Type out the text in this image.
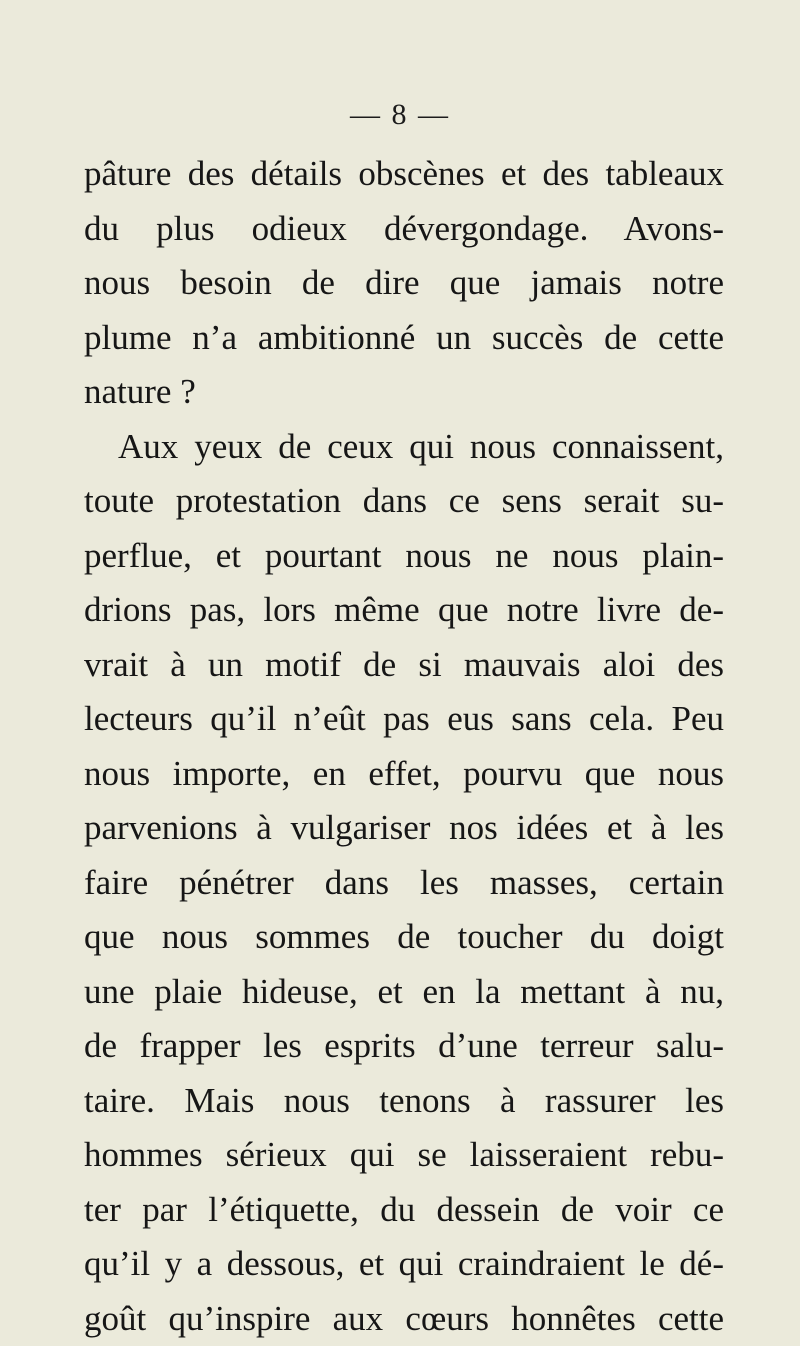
— 8 —
pâture des détails obscènes et des tableaux
du plus odieux dévergondage. Avons-
nous besoin de dire que jamais notre
plume n’a ambitionné un succès de cette
nature ?
Aux yeux de ceux qui nous connaissent,
toute protestation dans ce sens serait su-
perflue, et pourtant nous ne nous plain-
drions pas, lors même que notre livre de-
vrait à un motif de si mauvais aloi des
lecteurs qu’il n’eût pas eus sans cela. Peu
nous importe, en effet, pourvu que nous
parvenions à vulgariser nos idées et à les
faire pénétrer dans les masses, certain
que nous sommes de toucher du doigt
une plaie hideuse, et en la mettant à nu,
de frapper les esprits d’une terreur salu-
taire. Mais nous tenons à rassurer les
hommes sérieux qui se laisseraient rebu-
ter par l’étiquette, du dessein de voir ce
qu’il y a dessous, et qui craindraient le dé-
goût qu’inspire aux cœurs honnêtes cette
